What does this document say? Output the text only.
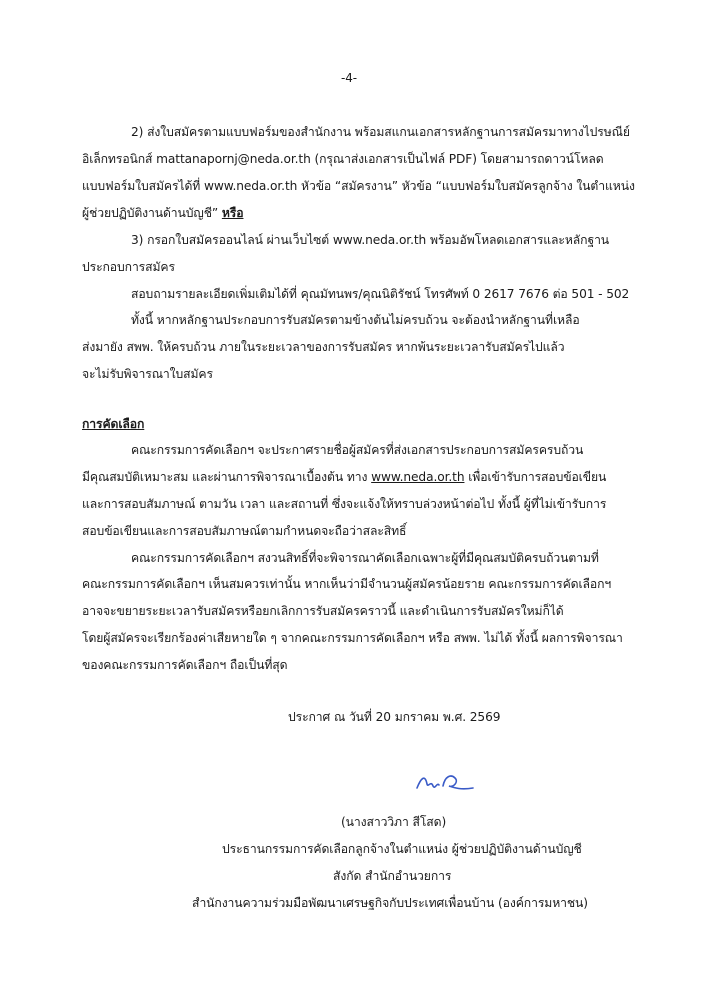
-4-
2) ส่งใบสมัครตามแบบฟอร์มของสำนักงาน พร้อมสแกนเอกสารหลักฐานการสมัครมาทางไปรษณีย์
อิเล็กทรอนิกส์ mattanapornj@neda.or.th (กรุณาส่งเอกสารเป็นไฟล์ PDF) โดยสามารถดาวน์โหลด
แบบฟอร์มใบสมัครได้ที่ www.neda.or.th หัวข้อ “สมัครงาน” หัวข้อ “แบบฟอร์มใบสมัครลูกจ้าง ในตำแหน่ง
ผู้ช่วยปฏิบัติงานด้านบัญชี” หรือ
3) กรอกใบสมัครออนไลน์ ผ่านเว็บไซต์ www.neda.or.th พร้อมอัพโหลดเอกสารและหลักฐาน
ประกอบการสมัคร
สอบถามรายละเอียดเพิ่มเติมได้ที่ คุณมัทนพร/คุณนิติรัชน์ โทรศัพท์ 0 2617 7676 ต่อ 501 - 502
ทั้งนี้ หากหลักฐานประกอบการรับสมัครตามข้างต้นไม่ครบถ้วน จะต้องนำหลักฐานที่เหลือ
ส่งมายัง สพพ. ให้ครบถ้วน ภายในระยะเวลาของการรับสมัคร หากพ้นระยะเวลารับสมัครไปแล้ว
จะไม่รับพิจารณาใบสมัคร
การคัดเลือก
คณะกรรมการคัดเลือกฯ จะประกาศรายชื่อผู้สมัครที่ส่งเอกสารประกอบการสมัครครบถ้วน
มีคุณสมบัติเหมาะสม และผ่านการพิจารณาเบื้องต้น ทาง www.neda.or.th เพื่อเข้ารับการสอบข้อเขียน
และการสอบสัมภาษณ์ ตามวัน เวลา และสถานที่ ซึ่งจะแจ้งให้ทราบล่วงหน้าต่อไป ทั้งนี้ ผู้ที่ไม่เข้ารับการ
สอบข้อเขียนและการสอบสัมภาษณ์ตามกำหนดจะถือว่าสละสิทธิ์
คณะกรรมการคัดเลือกฯ สงวนสิทธิ์ที่จะพิจารณาคัดเลือกเฉพาะผู้ที่มีคุณสมบัติครบถ้วนตามที่
คณะกรรมการคัดเลือกฯ เห็นสมควรเท่านั้น หากเห็นว่ามีจำนวนผู้สมัครน้อยราย คณะกรรมการคัดเลือกฯ
อาจจะขยายระยะเวลารับสมัครหรือยกเลิกการรับสมัครคราวนี้ และดำเนินการรับสมัครใหม่ก็ได้
โดยผู้สมัครจะเรียกร้องค่าเสียหายใด ๆ จากคณะกรรมการคัดเลือกฯ หรือ สพพ. ไม่ได้ ทั้งนี้ ผลการพิจารณา
ของคณะกรรมการคัดเลือกฯ ถือเป็นที่สุด
ประกาศ ณ วันที่ 20 มกราคม พ.ศ. 2569
(นางสาววิภา สีโสด)
ประธานกรรมการคัดเลือกลูกจ้างในตำแหน่ง ผู้ช่วยปฏิบัติงานด้านบัญชี
สังกัด สำนักอำนวยการ
สำนักงานความร่วมมือพัฒนาเศรษฐกิจกับประเทศเพื่อนบ้าน (องค์การมหาชน)
